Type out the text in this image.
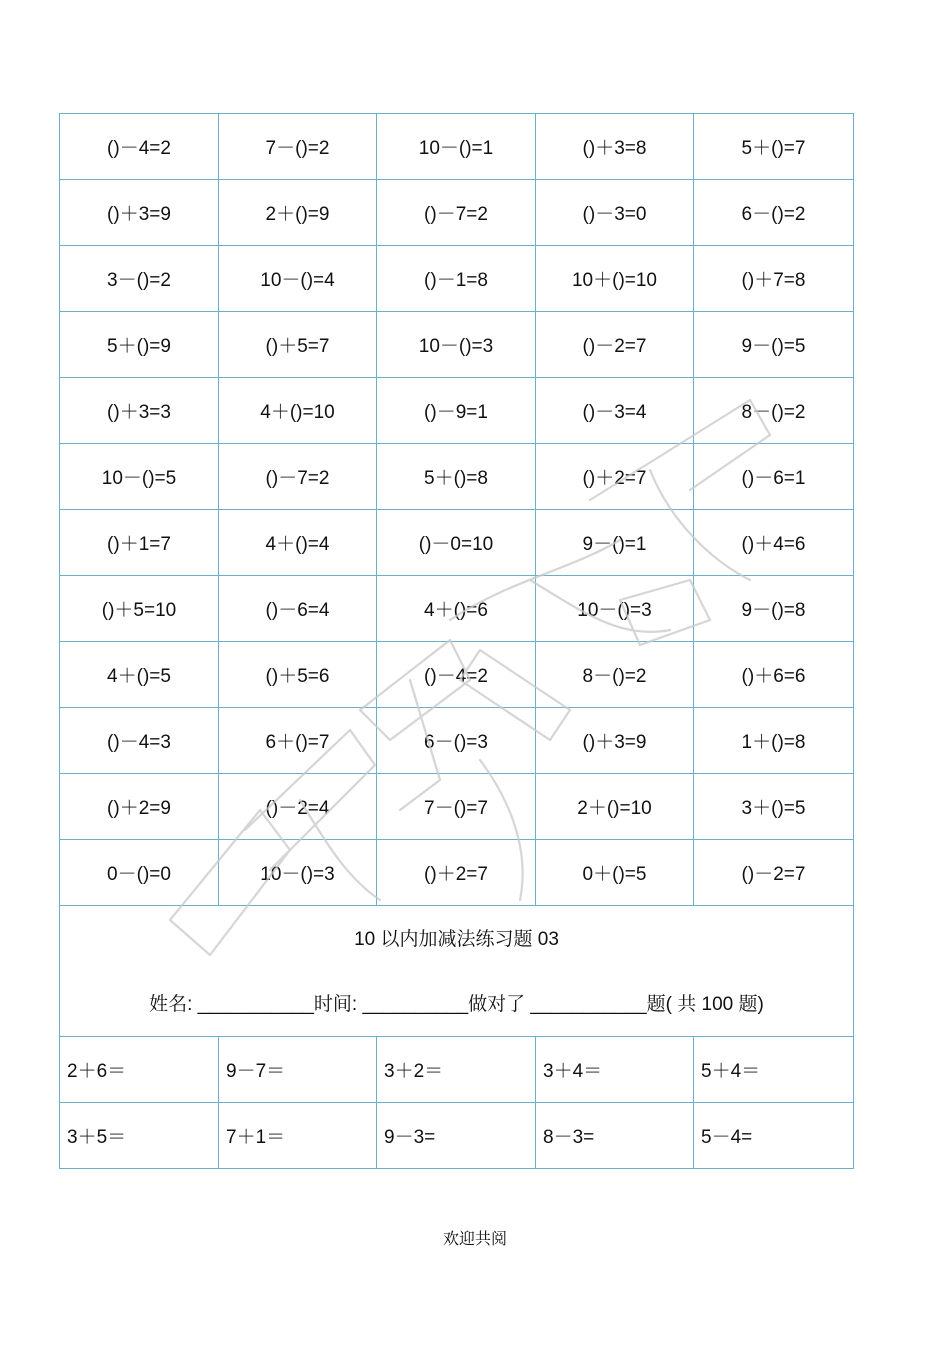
()－4=2	7－()=2	10－()=1	()＋3=8	5＋()=7
()＋3=9	2＋()=9	()－7=2	()－3=0	6－()=2
3－()=2	10－()=4	()－1=8	10＋()=10	()＋7=8
5＋()=9	()＋5=7	10－()=3	()－2=7	9－()=5
()＋3=3	4＋()=10	()－9=1	()－3=4	8－()=2
10－()=5	()－7=2	5＋()=8	()＋2=7	()－6=1
()＋1=7	4＋()=4	()－0=10	9－()=1	()＋4=6
()＋5=10	()－6=4	4＋()=6	10－()=3	9－()=8
4＋()=5	()＋5=6	()－4=2	8－()=2	()＋6=6
()－4=3	6＋()=7	6－()=3	()＋3=9	1＋()=8
()＋2=9	()－2=4	7－()=7	2＋()=10	3＋()=5
0－()=0	10－()=3	()＋2=7	0＋()=5	()－2=7

10 以内加减法练习题 03
姓名: ___________时间: __________做对了 ___________题( 共 100 题)				

2＋6＝	9－7＝	3＋2＝	3＋4＝	5＋4＝
3＋5＝	7＋1＝	9－3=	8－3=	5－4=
欢迎共阅
